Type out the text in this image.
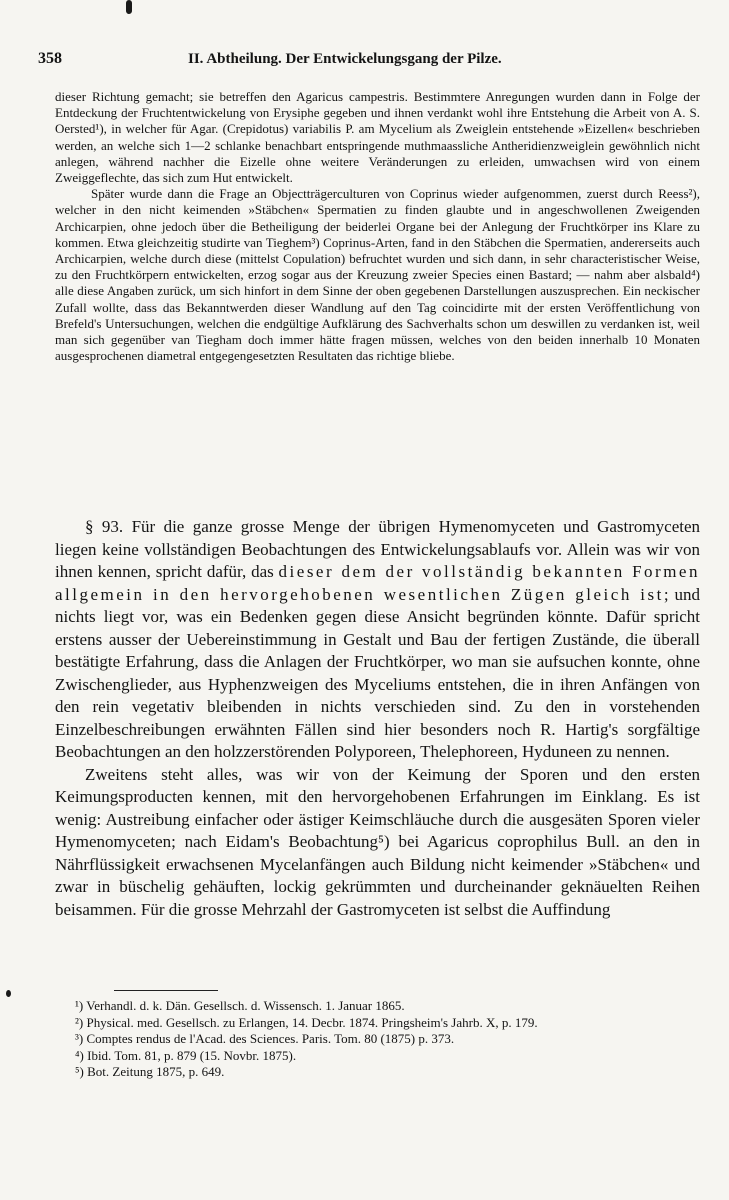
358	II. Abtheilung. Der Entwickelungsgang der Pilze.

dieser Richtung gemacht; sie betreffen den Agaricus campestris. Bestimmtere Anregungen wurden dann in Folge der Entdeckung der Fruchtentwickelung von Erysiphe gegeben und ihnen verdankt wohl ihre Entstehung die Arbeit von A. S. Oersted¹), in welcher für Agar. (Crepidotus) variabilis P. am Mycelium als Zweiglein entstehende »Eizellen« beschrieben werden, an welche sich 1—2 schlanke benachbart entspringende muthmaassliche Antheridienzweiglein gewöhnlich nicht anlegen, während nachher die Eizelle ohne weitere Veränderungen zu erleiden, umwachsen wird von einem Zweiggeflechte, das sich zum Hut entwickelt.

Später wurde dann die Frage an Objectträgerculturen von Coprinus wieder aufgenommen, zuerst durch Reess²), welcher in den nicht keimenden »Stäbchen« Spermatien zu finden glaubte und in angeschwollenen Zweigenden Archicarpien, ohne jedoch über die Betheiligung der beiderlei Organe bei der Anlegung der Fruchtkörper ins Klare zu kommen. Etwa gleichzeitig studirte van Tieghem³) Coprinus-Arten, fand in den Stäbchen die Spermatien, andererseits auch Archicarpien, welche durch diese (mittelst Copulation) befruchtet wurden und sich dann, in sehr characteristischer Weise, zu den Fruchtkörpern entwickelten, erzog sogar aus der Kreuzung zweier Species einen Bastard; — nahm aber alsbald⁴) alle diese Angaben zurück, um sich hinfort in dem Sinne der oben gegebenen Darstellungen auszusprechen. Ein neckischer Zufall wollte, dass das Bekanntwerden dieser Wandlung auf den Tag coincidirte mit der ersten Veröffentlichung von Brefeld's Untersuchungen, welchen die endgültige Aufklärung des Sachverhalts schon um deswillen zu verdanken ist, weil man sich gegenüber van Tiegham doch immer hätte fragen müssen, welches von den beiden innerhalb 10 Monaten ausgesprochenen diametral entgegengesetzten Resultaten das richtige bliebe.

§ 93. Für die ganze grosse Menge der übrigen Hymenomyceten und Gastromyceten liegen keine vollständigen Beobachtungen des Entwickelungsablaufs vor. Allein was wir von ihnen kennen, spricht dafür, das dieser dem der vollständig bekannten Formen allgemein in den hervorgehobenen wesentlichen Zügen gleich ist; und nichts liegt vor, was ein Bedenken gegen diese Ansicht begründen könnte. Dafür spricht erstens ausser der Uebereinstimmung in Gestalt und Bau der fertigen Zustände, die überall bestätigte Erfahrung, dass die Anlagen der Fruchtkörper, wo man sie aufsuchen konnte, ohne Zwischenglieder, aus Hyphenzweigen des Myceliums entstehen, die in ihren Anfängen von den rein vegetativ bleibenden in nichts verschieden sind. Zu den in vorstehenden Einzelbeschreibungen erwähnten Fällen sind hier besonders noch R. Hartig's sorgfältige Beobachtungen an den holzzerstörenden Polyporeen, Thelephoreen, Hyduneen zu nennen.

Zweitens steht alles, was wir von der Keimung der Sporen und den ersten Keimungsproducten kennen, mit den hervorgehobenen Erfahrungen im Einklang. Es ist wenig: Austreibung einfacher oder ästiger Keimschläuche durch die ausgesäten Sporen vieler Hymenomyceten; nach Eidam's Beobachtung⁵) bei Agaricus coprophilus Bull. an den in Nährflüssigkeit erwachsenen Mycelanfängen auch Bildung nicht keimender »Stäbchen« und zwar in büschelig gehäuften, lockig gekrümmten und durcheinander geknäuelten Reihen beisammen. Für die grosse Mehrzahl der Gastromyceten ist selbst die Auffindung

¹) Verhandl. d. k. Dän. Gesellsch. d. Wissensch. 1. Januar 1865.

²) Physical. med. Gesellsch. zu Erlangen, 14. Decbr. 1874. Pringsheim's Jahrb. X, p. 179.

³) Comptes rendus de l'Acad. des Sciences. Paris. Tom. 80 (1875) p. 373.

⁴) Ibid. Tom. 81, p. 879 (15. Novbr. 1875).

⁵) Bot. Zeitung 1875, p. 649.
